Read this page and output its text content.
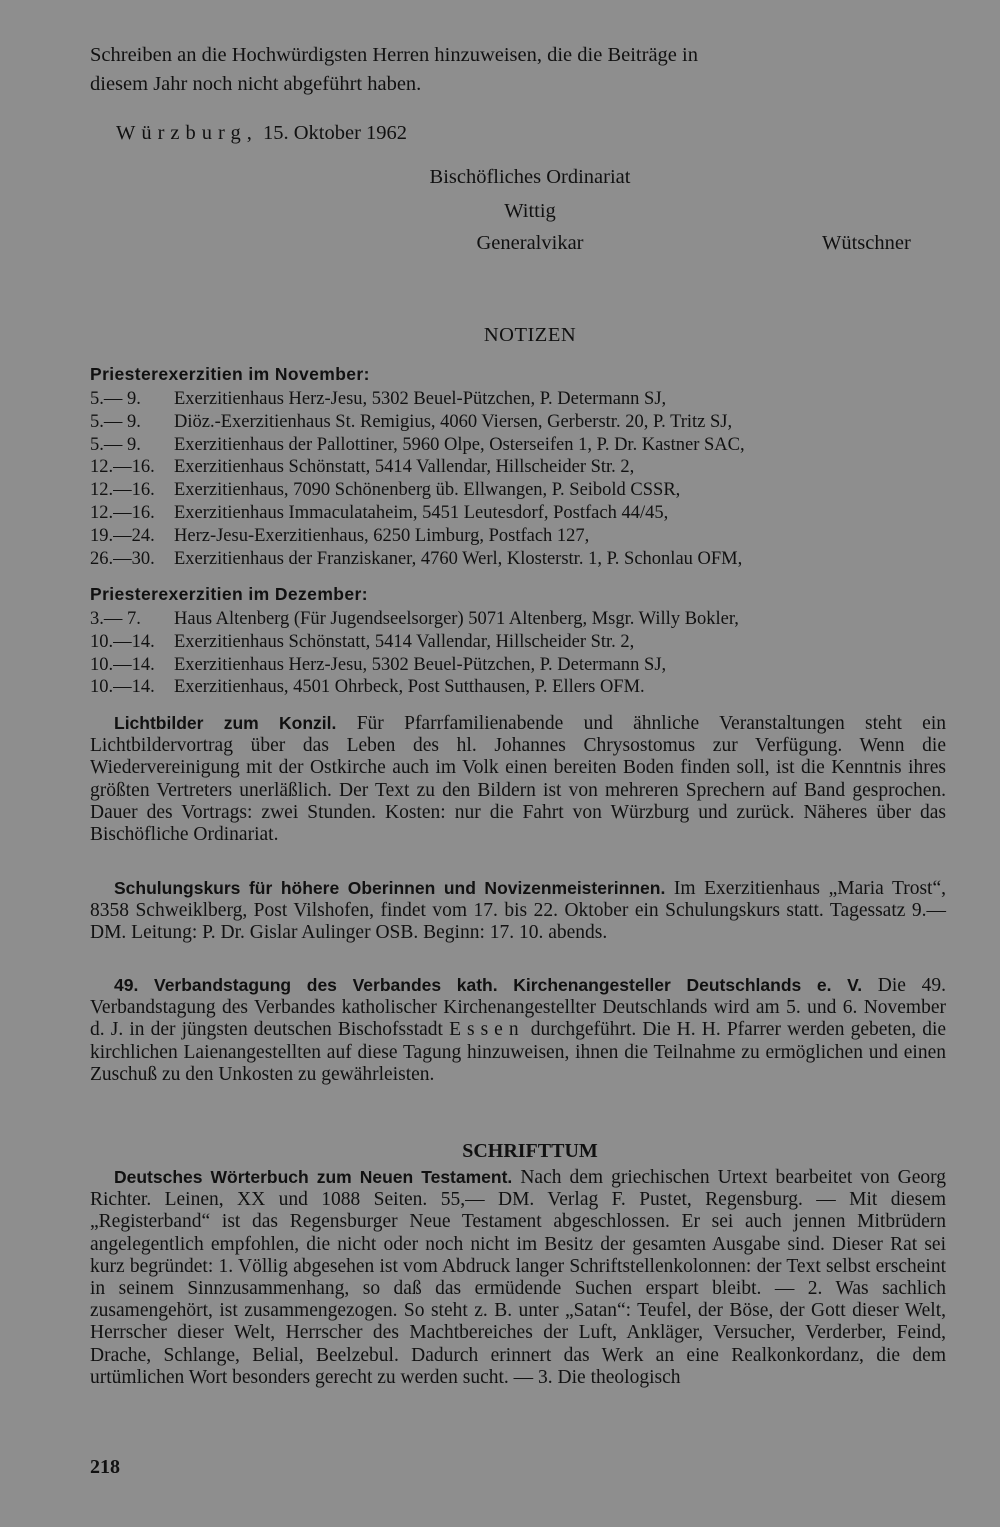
Schreiben an die Hochwürdigsten Herren hinzuweisen, die die Beiträge in
diesem Jahr noch nicht abgeführt haben.
Würzburg, 15. Oktober 1962
Bischöfliches Ordinariat
Wittig
Generalvikar	Wütschner
NOTIZEN
Priesterexerzitien im November:
5.— 9. Exerzitienhaus Herz-Jesu, 5302 Beuel-Pützchen, P. Determann SJ,
5.— 9. Diöz.-Exerzitienhaus St. Remigius, 4060 Viersen, Gerberstr. 20, P. Tritz SJ,
5.— 9. Exerzitienhaus der Pallottiner, 5960 Olpe, Osterseifen 1, P. Dr. Kastner SAC,
12.—16. Exerzitienhaus Schönstatt, 5414 Vallendar, Hillscheider Str. 2,
12.—16. Exerzitienhaus, 7090 Schönenberg üb. Ellwangen, P. Seibold CSSR,
12.—16. Exerzitienhaus Immaculataheim, 5451 Leutesdorf, Postfach 44/45,
19.—24. Herz-Jesu-Exerzitienhaus, 6250 Limburg, Postfach 127,
26.—30. Exerzitienhaus der Franziskaner, 4760 Werl, Klosterstr. 1, P. Schonlau OFM,
Priesterexerzitien im Dezember:
3.— 7. Haus Altenberg (Für Jugendseelsorger) 5071 Altenberg, Msgr. Willy Bokler,
10.—14. Exerzitienhaus Schönstatt, 5414 Vallendar, Hillscheider Str. 2,
10.—14. Exerzitienhaus Herz-Jesu, 5302 Beuel-Pützchen, P. Determann SJ,
10.—14. Exerzitienhaus, 4501 Ohrbeck, Post Sutthausen, P. Ellers OFM.
Lichtbilder zum Konzil. Für Pfarrfamilienabende und ähnliche Veranstaltungen steht ein Lichtbildervortrag über das Leben des hl. Johannes Chrysostomus zur Verfügung. Wenn die Wiedervereinigung mit der Ostkirche auch im Volk einen bereiten Boden finden soll, ist die Kenntnis ihres größten Vertreters unerläßlich. Der Text zu den Bildern ist von mehreren Sprechern auf Band gesprochen. Dauer des Vortrags: zwei Stunden. Kosten: nur die Fahrt von Würzburg und zurück. Näheres über das Bischöfliche Ordinariat.
Schulungskurs für höhere Oberinnen und Novizenmeisterinnen. Im Exerzitienhaus „Maria Trost“, 8358 Schweiklberg, Post Vilshofen, findet vom 17. bis 22. Oktober ein Schulungskurs statt. Tagessatz 9.— DM. Leitung: P. Dr. Gislar Aulinger OSB. Beginn: 17. 10. abends.
49. Verbandstagung des Verbandes kath. Kirchenangesteller Deutschlands e. V. Die 49. Verbandstagung des Verbandes katholischer Kirchenangestellter Deutschlands wird am 5. und 6. November d. J. in der jüngsten deutschen Bischofsstadt Essen durchgeführt. Die H. H. Pfarrer werden gebeten, die kirchlichen Laienangestellten auf diese Tagung hinzuweisen, ihnen die Teilnahme zu ermöglichen und einen Zuschuß zu den Unkosten zu gewährleisten.
SCHRIFTTUM
Deutsches Wörterbuch zum Neuen Testament. Nach dem griechischen Urtext bearbeitet von Georg Richter. Leinen, XX und 1088 Seiten. 55,— DM. Verlag F. Pustet, Regensburg. — Mit diesem „Registerband“ ist das Regensburger Neue Testament abgeschlossen. Er sei auch jennen Mitbrüdern angelegentlich empfohlen, die nicht oder noch nicht im Besitz der gesamten Ausgabe sind. Dieser Rat sei kurz begründet: 1. Völlig abgesehen ist vom Abdruck langer Schriftstellenkolonnen: der Text selbst erscheint in seinem Sinnzusammenhang, so daß das ermüdende Suchen erspart bleibt. — 2. Was sachlich zusamengehört, ist zusammengezogen. So steht z. B. unter „Satan“: Teufel, der Böse, der Gott dieser Welt, Herrscher dieser Welt, Herrscher des Machtbereiches der Luft, Ankläger, Versucher, Verderber, Feind, Drache, Schlange, Belial, Beelzebul. Dadurch erinnert das Werk an eine Realkonkordanz, die dem urtümlichen Wort besonders gerecht zu werden sucht. — 3. Die theologisch
218
